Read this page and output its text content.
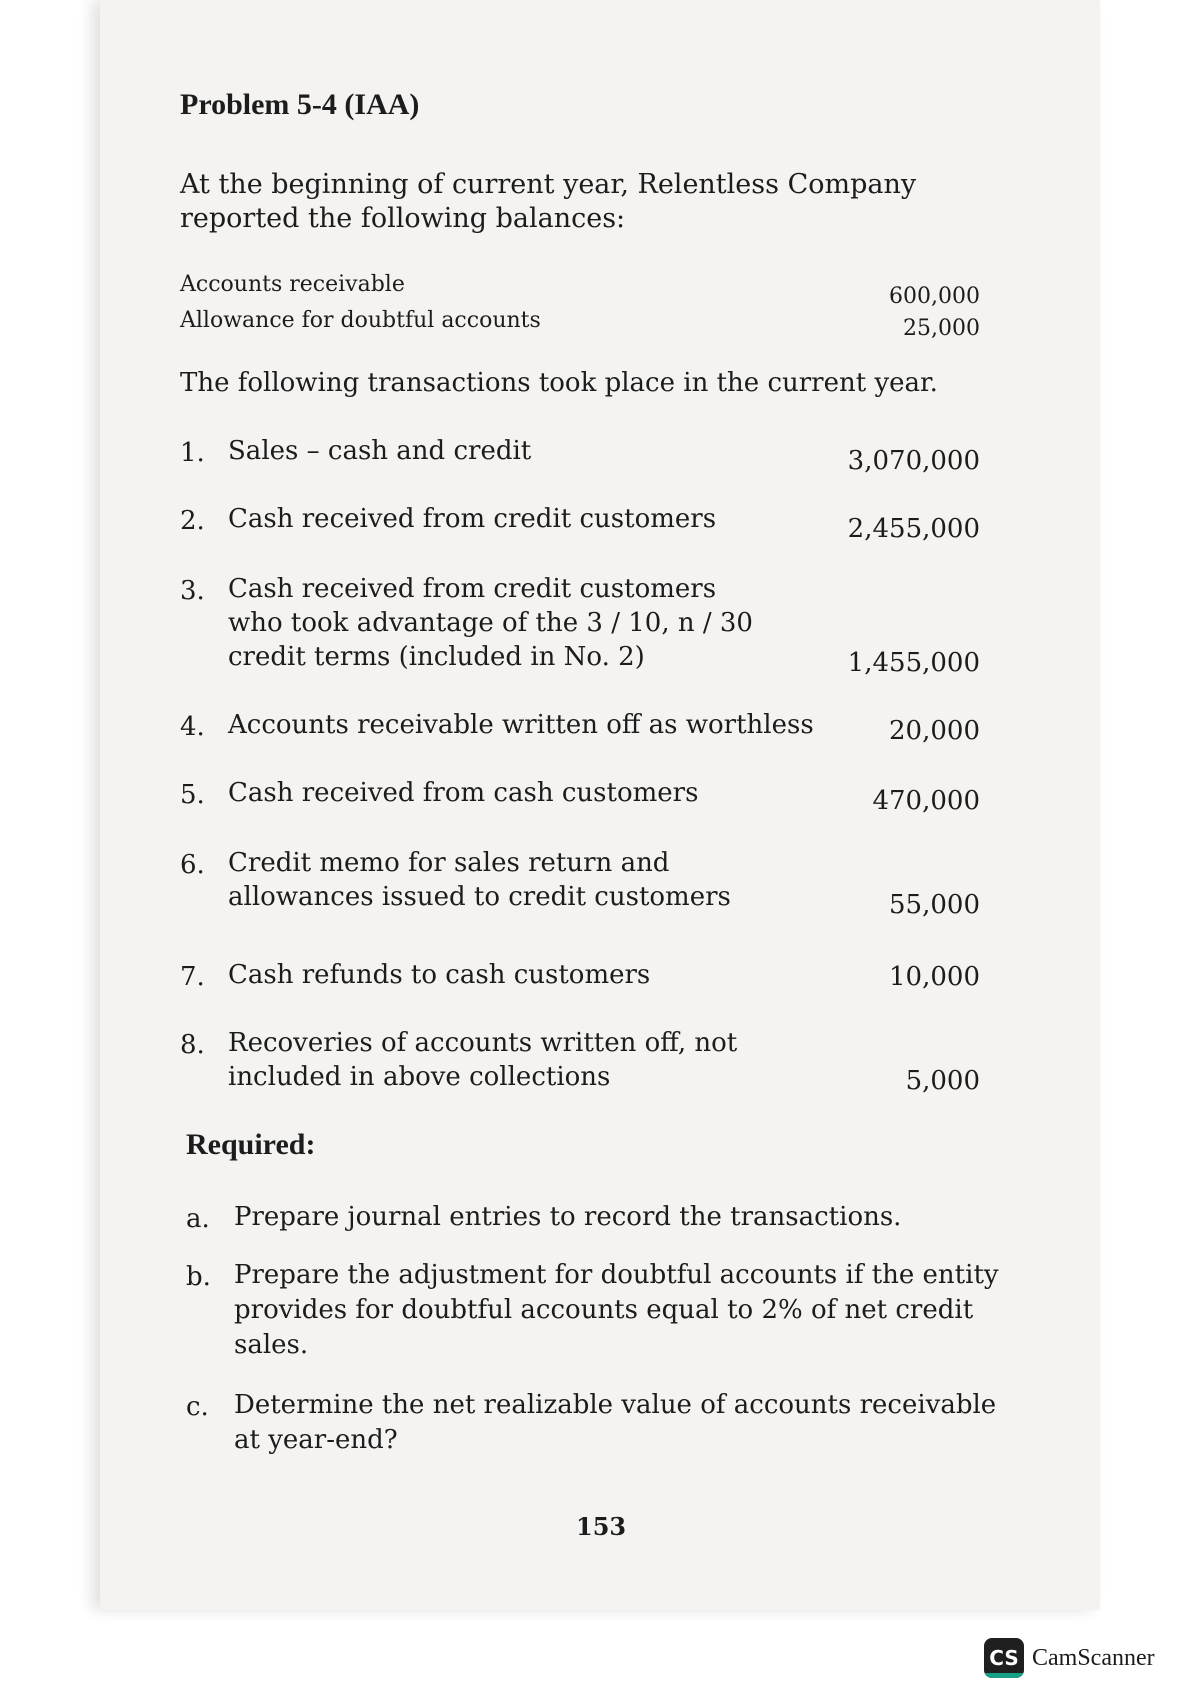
Problem 5-4 (IAA)
At the beginning of current year, Relentless Company reported the following balances:
Accounts receivable	600,000
Allowance for doubtful accounts	25,000
The following transactions took place in the current year.
1. Sales – cash and credit	3,070,000
2. Cash received from credit customers	2,455,000
3. Cash received from credit customers
who took advantage of the 3 / 10, n / 30
credit terms (included in No. 2)	1,455,000
4. Accounts receivable written off as worthless	20,000
5. Cash received from cash customers	470,000
6. Credit memo for sales return and
allowances issued to credit customers	55,000
7. Cash refunds to cash customers	10,000
8. Recoveries of accounts written off, not
included in above collections	5,000
Required:
a. Prepare journal entries to record the transactions.
b. Prepare the adjustment for doubtful accounts if the entity provides for doubtful accounts equal to 2% of net credit sales.
c. Determine the net realizable value of accounts receivable at year-end?
153
CS CamScanner
